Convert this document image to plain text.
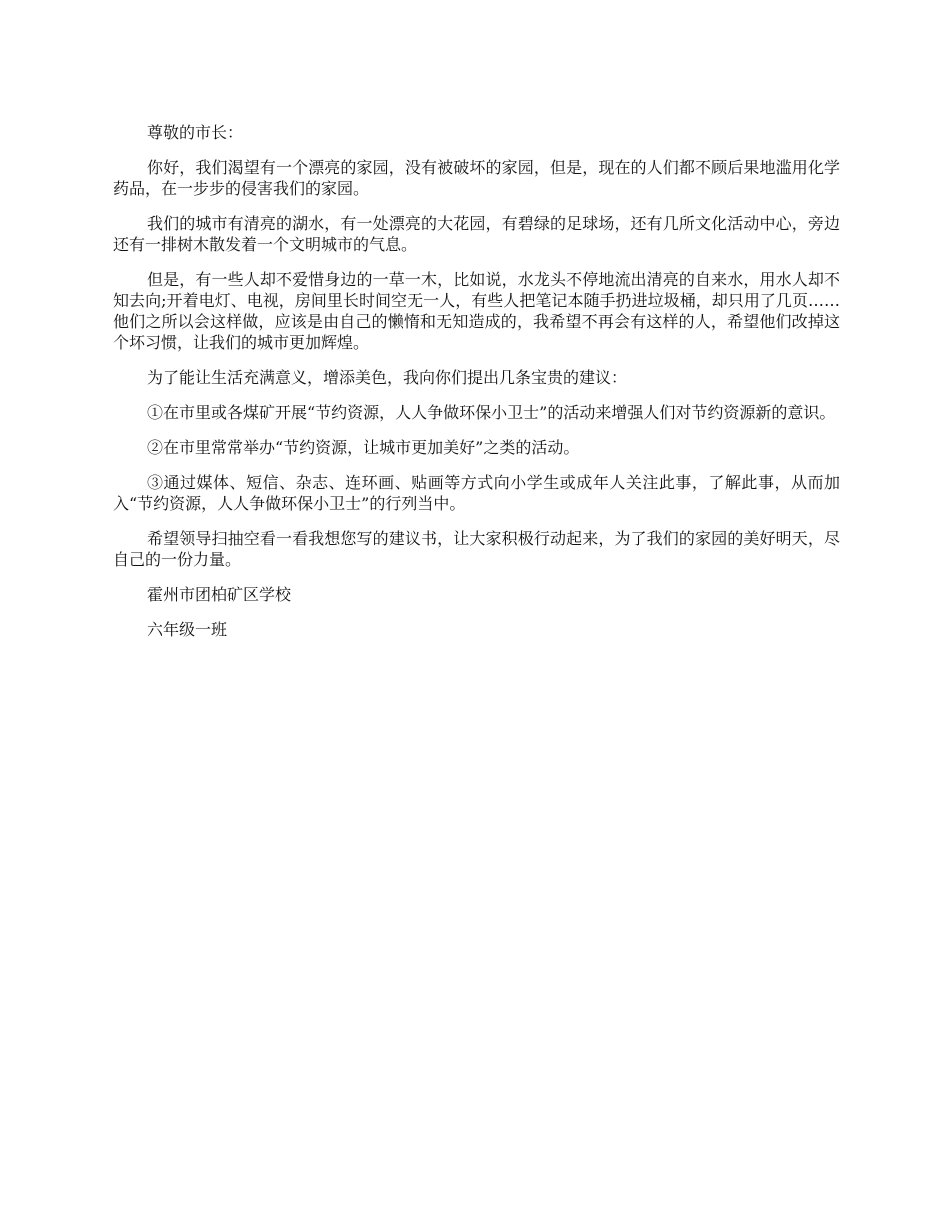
尊敬的市长：

你好，我们渴望有一个漂亮的家园，没有被破坏的家园，但是，现在的人们都不顾后果地滥用化学药品，在一步步的侵害我们的家园。

我们的城市有清亮的湖水，有一处漂亮的大花园，有碧绿的足球场，还有几所文化活动中心，旁边还有一排树木散发着一个文明城市的气息。

但是，有一些人却不爱惜身边的一草一木，比如说，水龙头不停地流出清亮的自来水，用水人却不知去向;开着电灯、电视，房间里长时间空无一人，有些人把笔记本随手扔进垃圾桶，却只用了几页……他们之所以会这样做，应该是由自己的懒惰和无知造成的，我希望不再会有这样的人，希望他们改掉这个坏习惯，让我们的城市更加辉煌。

为了能让生活充满意义，增添美色，我向你们提出几条宝贵的建议：

①在市里或各煤矿开展“节约资源，人人争做环保小卫士”的活动来增强人们对节约资源新的意识。

②在市里常常举办“节约资源，让城市更加美好”之类的活动。

③通过媒体、短信、杂志、连环画、贴画等方式向小学生或成年人关注此事，了解此事，从而加入“节约资源，人人争做环保小卫士”的行列当中。

希望领导扫抽空看一看我想您写的建议书，让大家积极行动起来，为了我们的家园的美好明天，尽自己的一份力量。

霍州市团柏矿区学校

六年级一班
